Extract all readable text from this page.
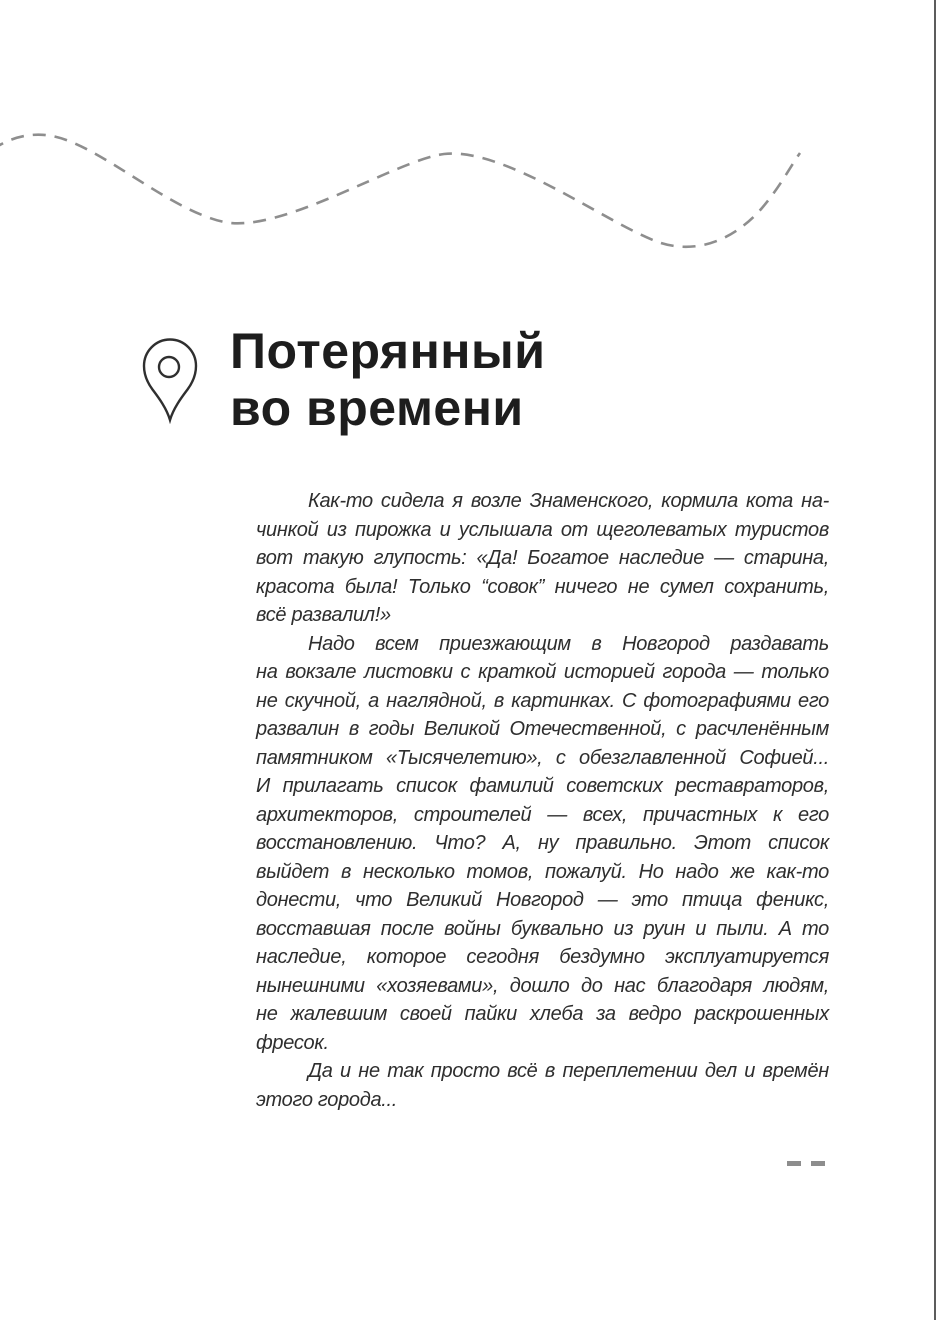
Потерянный
во времени
Как-то сидела я возле Знаменского, кормила кота на-
чинкой из пирожка и услышала от щеголеватых туристов
вот такую глупость: «Да! Богатое наследие — старина,
красота была! Только “совок” ничего не сумел сохранить,
всё развалил!»
Надо всем приезжающим в Новгород раздавать
на вокзале листовки с краткой историей города — только
не скучной, а наглядной, в картинках. С фотографиями его
развалин в годы Великой Отечественной, с расчленённым
памятником «Тысячелетию», с обезглавленной Софией...
И прилагать список фамилий советских реставраторов,
архитекторов, строителей — всех, причастных к его
восстановлению. Что? А, ну правильно. Этот список
выйдет в несколько томов, пожалуй. Но надо же как-то
донести, что Великий Новгород — это птица феникс,
восставшая после войны буквально из руин и пыли. А то
наследие, которое сегодня бездумно эксплуатируется
нынешними «хозяевами», дошло до нас благодаря людям,
не жалевшим своей пайки хлеба за ведро раскрошенных
фресок.
Да и не так просто всё в переплетении дел и времён
этого города...
